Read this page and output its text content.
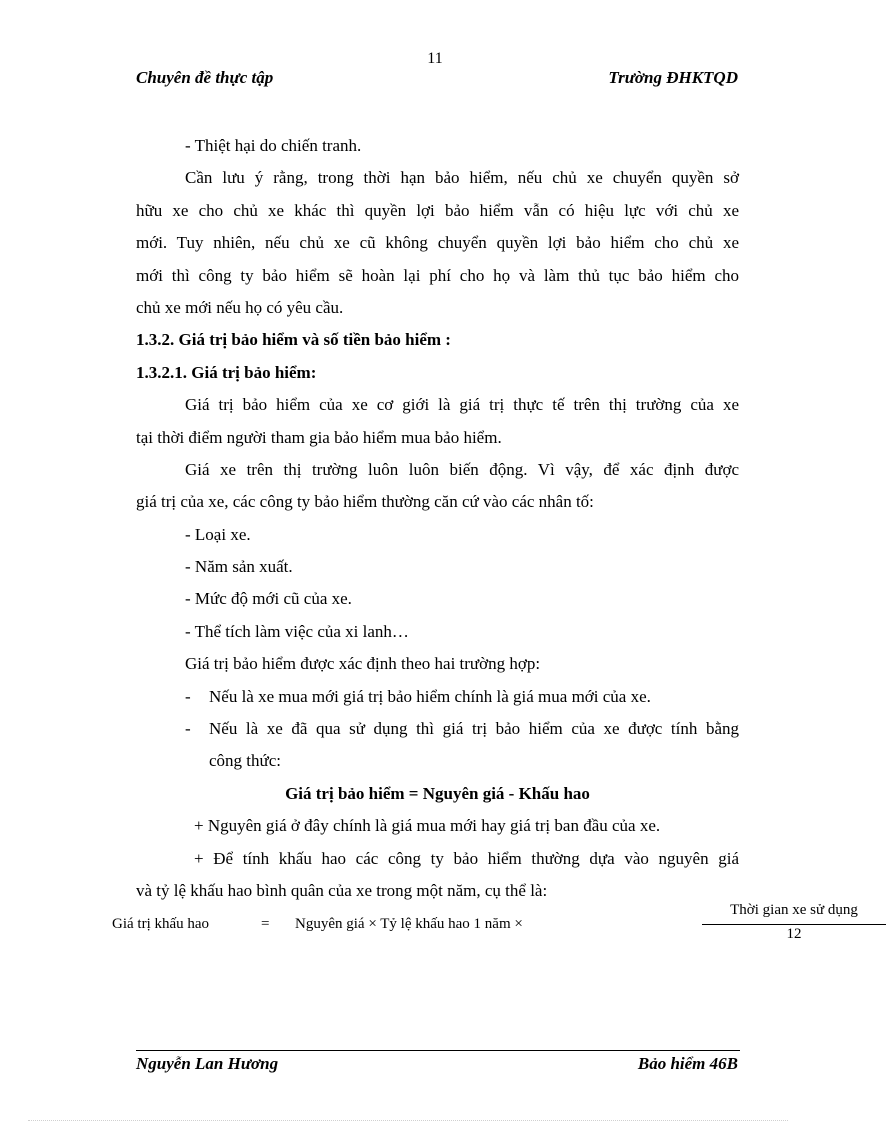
11
Chuyên đề thực tập	Trường ĐHKTQD
- Thiệt hại do chiến tranh.
Cần lưu ý rằng, trong thời hạn bảo hiểm, nếu chủ xe chuyển quyền sở
hữu xe cho chủ xe khác thì quyền lợi bảo hiểm vẫn có hiệu lực với chủ xe
mới. Tuy nhiên, nếu chủ xe cũ không chuyển quyền lợi bảo hiểm cho chủ xe
mới thì công ty bảo hiểm sẽ hoàn lại phí cho họ và làm thủ tục bảo hiểm cho
chủ xe mới nếu họ có yêu cầu.
1.3.2. Giá trị bảo hiểm và số tiền bảo hiểm :
1.3.2.1. Giá trị bảo hiểm:
Giá trị bảo hiểm của xe cơ giới là giá trị thực tế trên thị trường của xe
tại thời điểm người tham gia bảo hiểm mua bảo hiểm.
Giá xe trên thị trường luôn luôn biến động. Vì vậy, để xác định được
giá trị của xe, các công ty bảo hiểm thường căn cứ vào các nhân tố:
- Loại xe.
- Năm sản xuất.
- Mức độ mới cũ của xe.
- Thể tích làm việc của xi lanh…
Giá trị bảo hiểm được xác định theo hai trường hợp:
- Nếu là xe mua mới giá trị bảo hiểm chính là giá mua mới của xe.
- Nếu là xe đã qua sử dụng thì giá trị bảo hiểm của xe được tính bằng
công thức:
Giá trị bảo hiểm = Nguyên giá - Khấu hao
+ Nguyên giá ở đây chính là giá mua mới hay giá trị ban đầu của xe.
+ Để tính khấu hao các công ty bảo hiểm thường dựa vào nguyên giá
và tỷ lệ khấu hao bình quân của xe trong một năm, cụ thể là:
Giá trị khấu hao	= Nguyên giá × Tỷ lệ khấu hao 1 năm ×
Thời gian xe sử dụng
12
Nguyễn Lan Hương	Bảo hiểm 46B
